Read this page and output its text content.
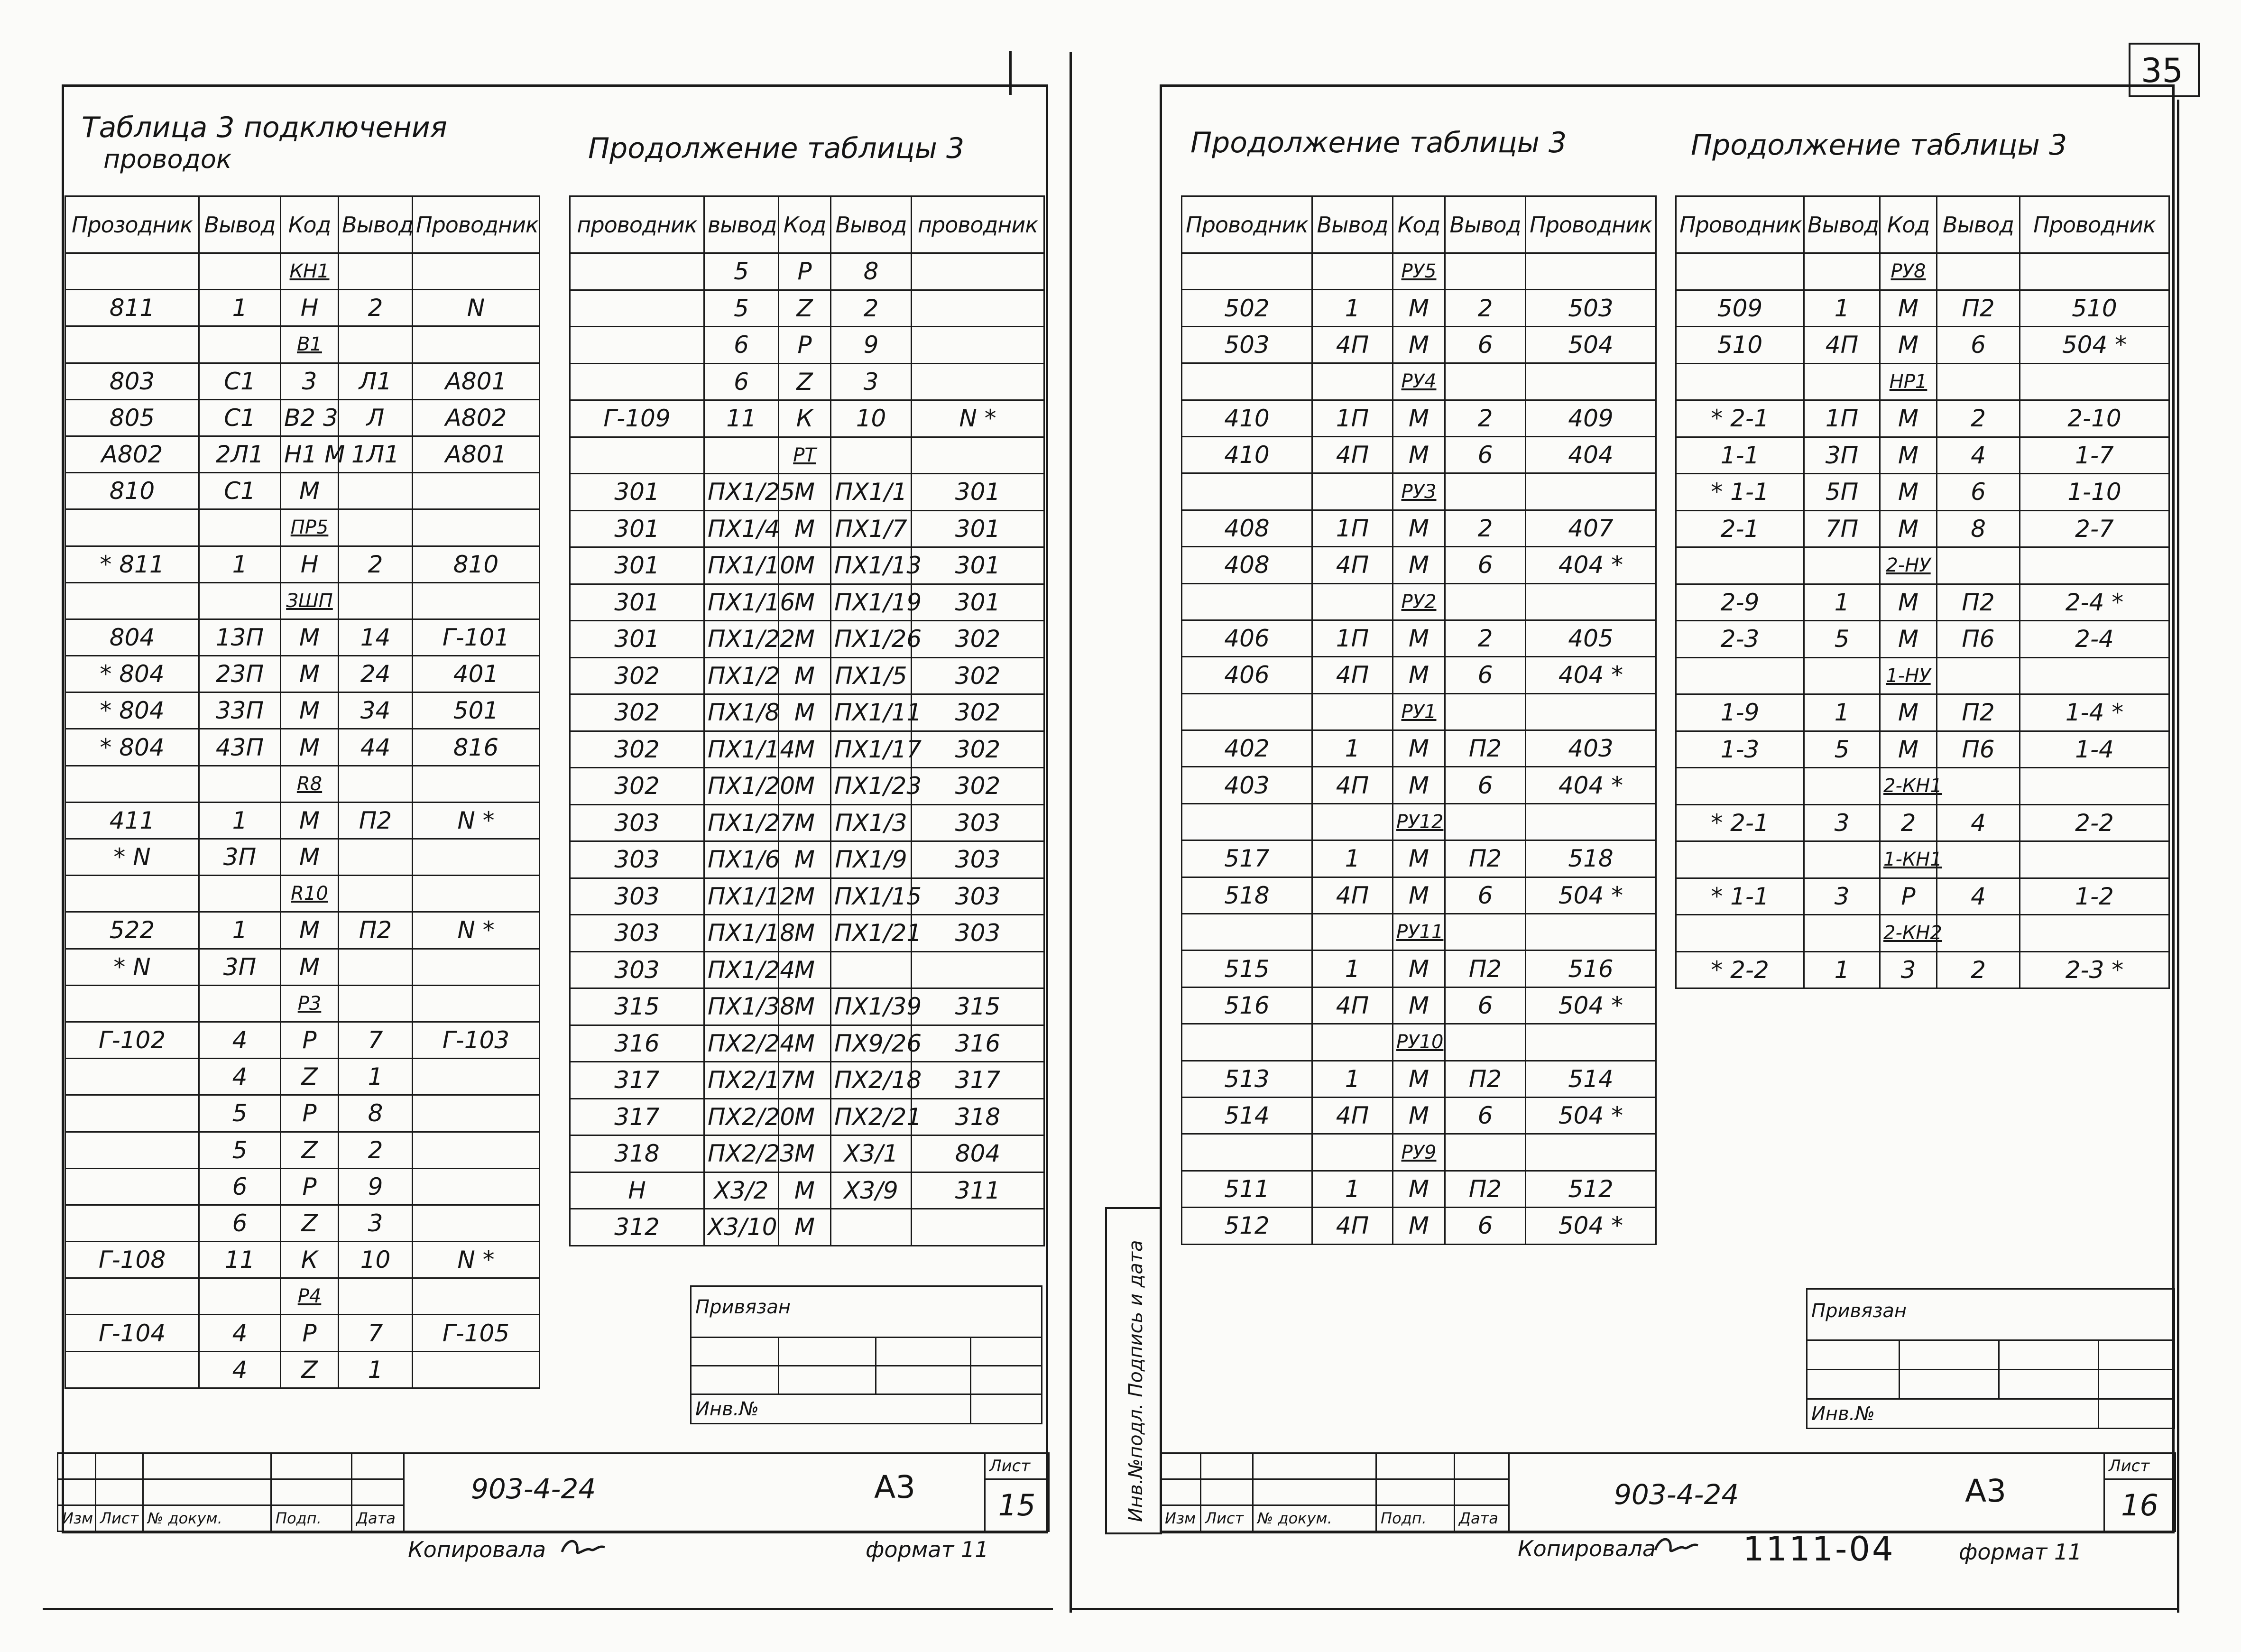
35
Таблица 3 подключения
проводок	Продолжение таблицы 3
Прозодник	Вывод	Код	Вывод	Проводник
		КН1		
811	1	Н	2	N
		В1		
803	С1	3	Л1	А801
805	С1	В2 3	Л	А802
А802	2Л1	Н1 М	1Л1	А801
810	С1	М		
		ПР5		
* 811	1	Н	2	810
		ЗШП		
804	13П	М	14	Г-101
* 804	23П	М	24	401
* 804	33П	М	34	501
* 804	43П	М	44	816
		R8		
411	1	М	П2	N *
* N	3П	М		
		R10		
522	1	М	П2	N *
* N	3П	М		
		Р3		
Г-102	4	Р	7	Г-103
	4	Z	1	
	5	Р	8	
	5	Z	2	
	6	Р	9	
	6	Z	3	
Г-108	11	К	10	N *
		Р4		
Г-104	4	Р	7	Г-105
	4	Z	1	
проводник	вывод	Код	Вывод	проводник
	5	Р	8	
	5	Z	2	
	6	Р	9	
	6	Z	3	
Г-109	11	К	10	N *
		РТ		
301	ПХ1/25	М	ПХ1/1	301
301	ПХ1/4	М	ПХ1/7	301
301	ПХ1/10	М	ПХ1/13	301
301	ПХ1/16	М	ПХ1/19	301
301	ПХ1/22	М	ПХ1/26	302
302	ПХ1/2	М	ПХ1/5	302
302	ПХ1/8	М	ПХ1/11	302
302	ПХ1/14	М	ПХ1/17	302
302	ПХ1/20	М	ПХ1/23	302
303	ПХ1/27	М	ПХ1/3	303
303	ПХ1/6	М	ПХ1/9	303
303	ПХ1/12	М	ПХ1/15	303
303	ПХ1/18	М	ПХ1/21	303
303	ПХ1/24	М		
315	ПХ1/38	М	ПХ1/39	315
316	ПХ2/24	М	ПХ9/26	316
317	ПХ2/17	М	ПХ2/18	317
317	ПХ2/20	М	ПХ2/21	318
318	ПХ2/23	М	Х3/1	804
Н	Х3/2	М	Х3/9	311
312	Х3/10	М		
Привязан			

Инв.№			

					903-4-24 А3	Лист
						15
Изм	Лист	№ докум.	Подп.	Дата		
Копировала	формат 11
Продолжение таблицы 3	Продолжение таблицы 3
Проводник	Вывод	Код	Вывод	Проводник
		РУ5		
502	1	М	2	503
503	4П	М	6	504
		РУ4		
410	1П	М	2	409
410	4П	М	6	404
		РУ3		
408	1П	М	2	407
408	4П	М	6	404 *
		РУ2		
406	1П	М	2	405
406	4П	М	6	404 *
		РУ1		
402	1	М	П2	403
403	4П	М	6	404 *
		РУ12		
517	1	М	П2	518
518	4П	М	6	504 *
		РУ11		
515	1	М	П2	516
516	4П	М	6	504 *
		РУ10		
513	1	М	П2	514
514	4П	М	6	504 *
		РУ9		
511	1	М	П2	512
512	4П	М	6	504 *
Проводник	Вывод	Код	Вывод	Проводник
		РУ8		
509	1	М	П2	510
510	4П	М	6	504 *
		НР1		
* 2-1	1П	М	2	2-10
1-1	3П	М	4	1-7
* 1-1	5П	М	6	1-10
2-1	7П	М	8	2-7
		2-НУ		
2-9	1	М	П2	2-4 *
2-3	5	М	П6	2-4
		1-НУ		
1-9	1	М	П2	1-4 *
1-3	5	М	П6	1-4
		2-КН1		
* 2-1	3	2	4	2-2
		1-КН1		
* 1-1	3	Р	4	1-2
		2-КН2		
* 2-2	1	3	2	2-3 *
Инв.№подл. Подпись и дата	Привязан			

Инв.№			

					903-4-24 А3	Лист
						16
Изм	Лист	№ докум.	Подп.	Дата		
Копировала	1111-04	формат 11
